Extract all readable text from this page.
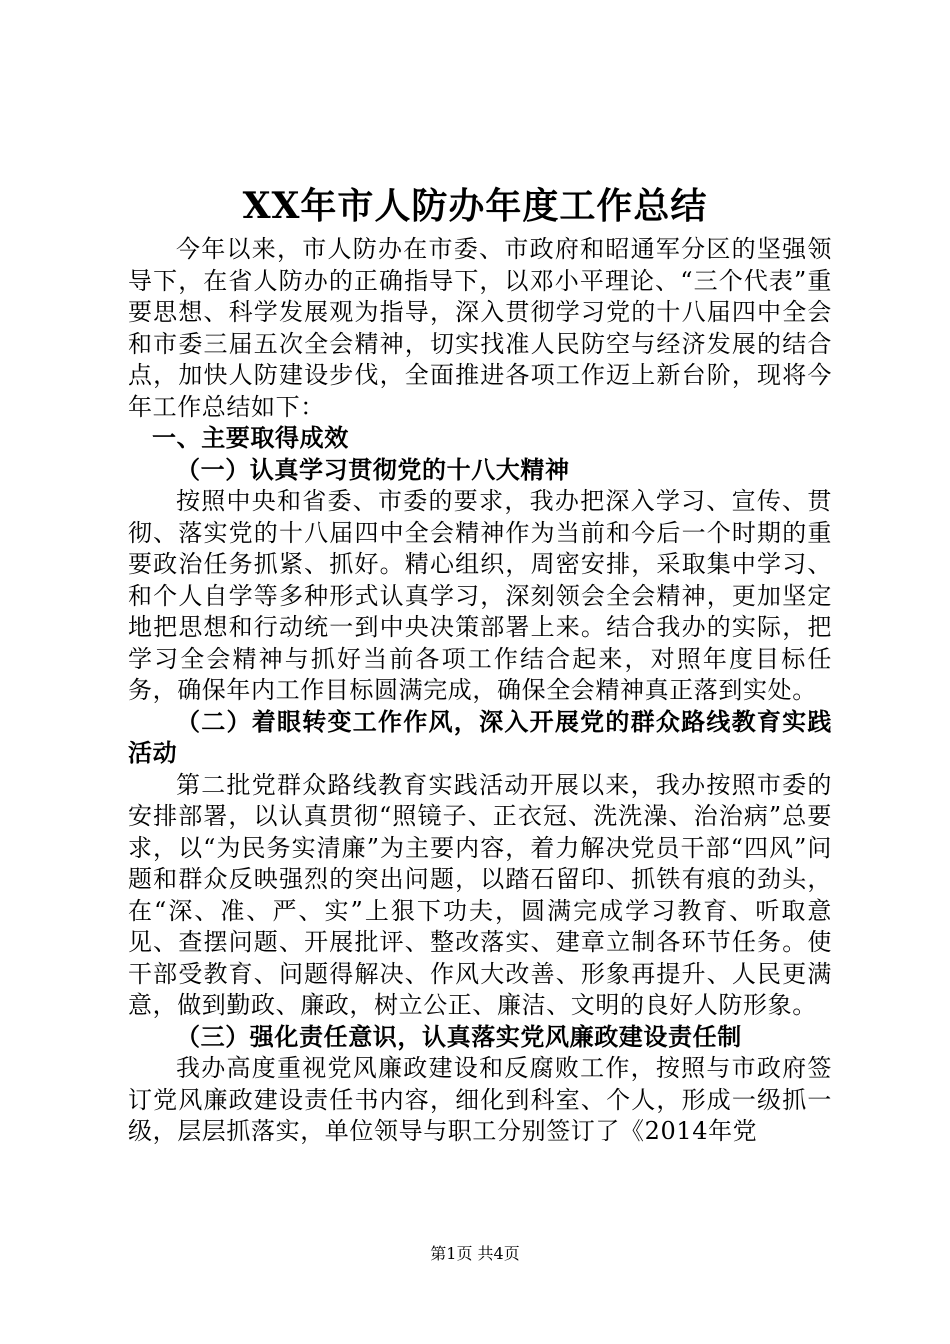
XX年市人防办年度工作总结

今年以来，市人防办在市委、市政府和昭通军分区的坚强领导下，在省人防办的正确指导下，以邓小平理论、“三个代表”重要思想、科学发展观为指导，深入贯彻学习党的十八届四中全会和市委三届五次全会精神，切实找准人民防空与经济发展的结合点，加快人防建设步伐，全面推进各项工作迈上新台阶，现将今年工作总结如下：

一、主要取得成效
（一）认真学习贯彻党的十八大精神

按照中央和省委、市委的要求，我办把深入学习、宣传、贯彻、落实党的十八届四中全会精神作为当前和今后一个时期的重要政治任务抓紧、抓好。精心组织，周密安排，采取集中学习、和个人自学等多种形式认真学习，深刻领会全会精神，更加坚定地把思想和行动统一到中央决策部署上来。结合我办的实际，把学习全会精神与抓好当前各项工作结合起来，对照年度目标任务，确保年内工作目标圆满完成，确保全会精神真正落到实处。

（二）着眼转变工作作风，深入开展党的群众路线教育实践活动

第二批党群众路线教育实践活动开展以来，我办按照市委的安排部署，以认真贯彻“照镜子、正衣冠、洗洗澡、治治病”总要求，以“为民务实清廉”为主要内容，着力解决党员干部“四风”问题和群众反映强烈的突出问题，以踏石留印、抓铁有痕的劲头，在“深、准、严、实”上狠下功夫，圆满完成学习教育、听取意见、查摆问题、开展批评、整改落实、建章立制各环节任务。使干部受教育、问题得解决、作风大改善、形象再提升、人民更满意，做到勤政、廉政，树立公正、廉洁、文明的良好人防形象。

（三）强化责任意识，认真落实党风廉政建设责任制

我办高度重视党风廉政建设和反腐败工作，按照与市政府签订党风廉政建设责任书内容，细化到科室、个人，形成一级抓一级，层层抓落实，单位领导与职工分别签订了《2014年党

第1页 共4页
